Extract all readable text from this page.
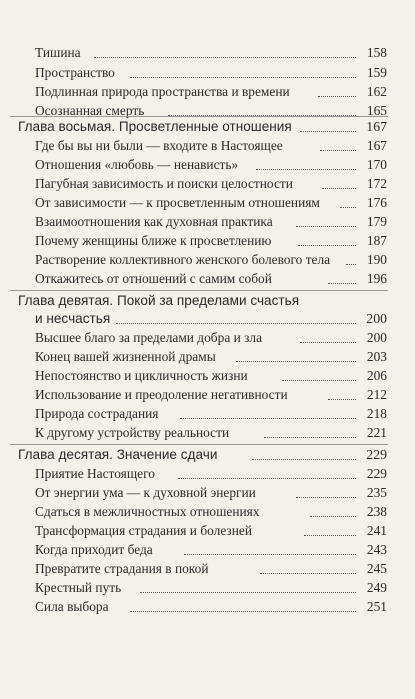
Тишина	158
Пространство	159
Подлинная природа пространства и времени	162
Осознанная смерть	165
Глава восьмая. Просветленные отношения	167
Где бы вы ни были — входите в Настоящее	167
Отношения «любовь — ненависть»	170
Пагубная зависимость и поиски целостности	172
От зависимости — к просветленным отношениям	176
Взаимоотношения как духовная практика	179
Почему женщины ближе к просветлению	187
Растворение коллективного женского болевого тела	190
Откажитесь от отношений с самим собой	196
Глава девятая. Покой за пределами счастья
и несчастья	200
Высшее благо за пределами добра и зла	200
Конец вашей жизненной драмы	203
Непостоянство и цикличность жизни	206
Использование и преодоление негативности	212
Природа сострадания	218
К другому устройству реальности	221
Глава десятая. Значение сдачи	229
Приятие Настоящего	229
От энергии ума — к духовной энергии	235
Сдаться в межличностных отношениях	238
Трансформация страдания и болезней	241
Когда приходит беда	243
Превратите страдания в покой	245
Крестный путь	249
Сила выбора	251
